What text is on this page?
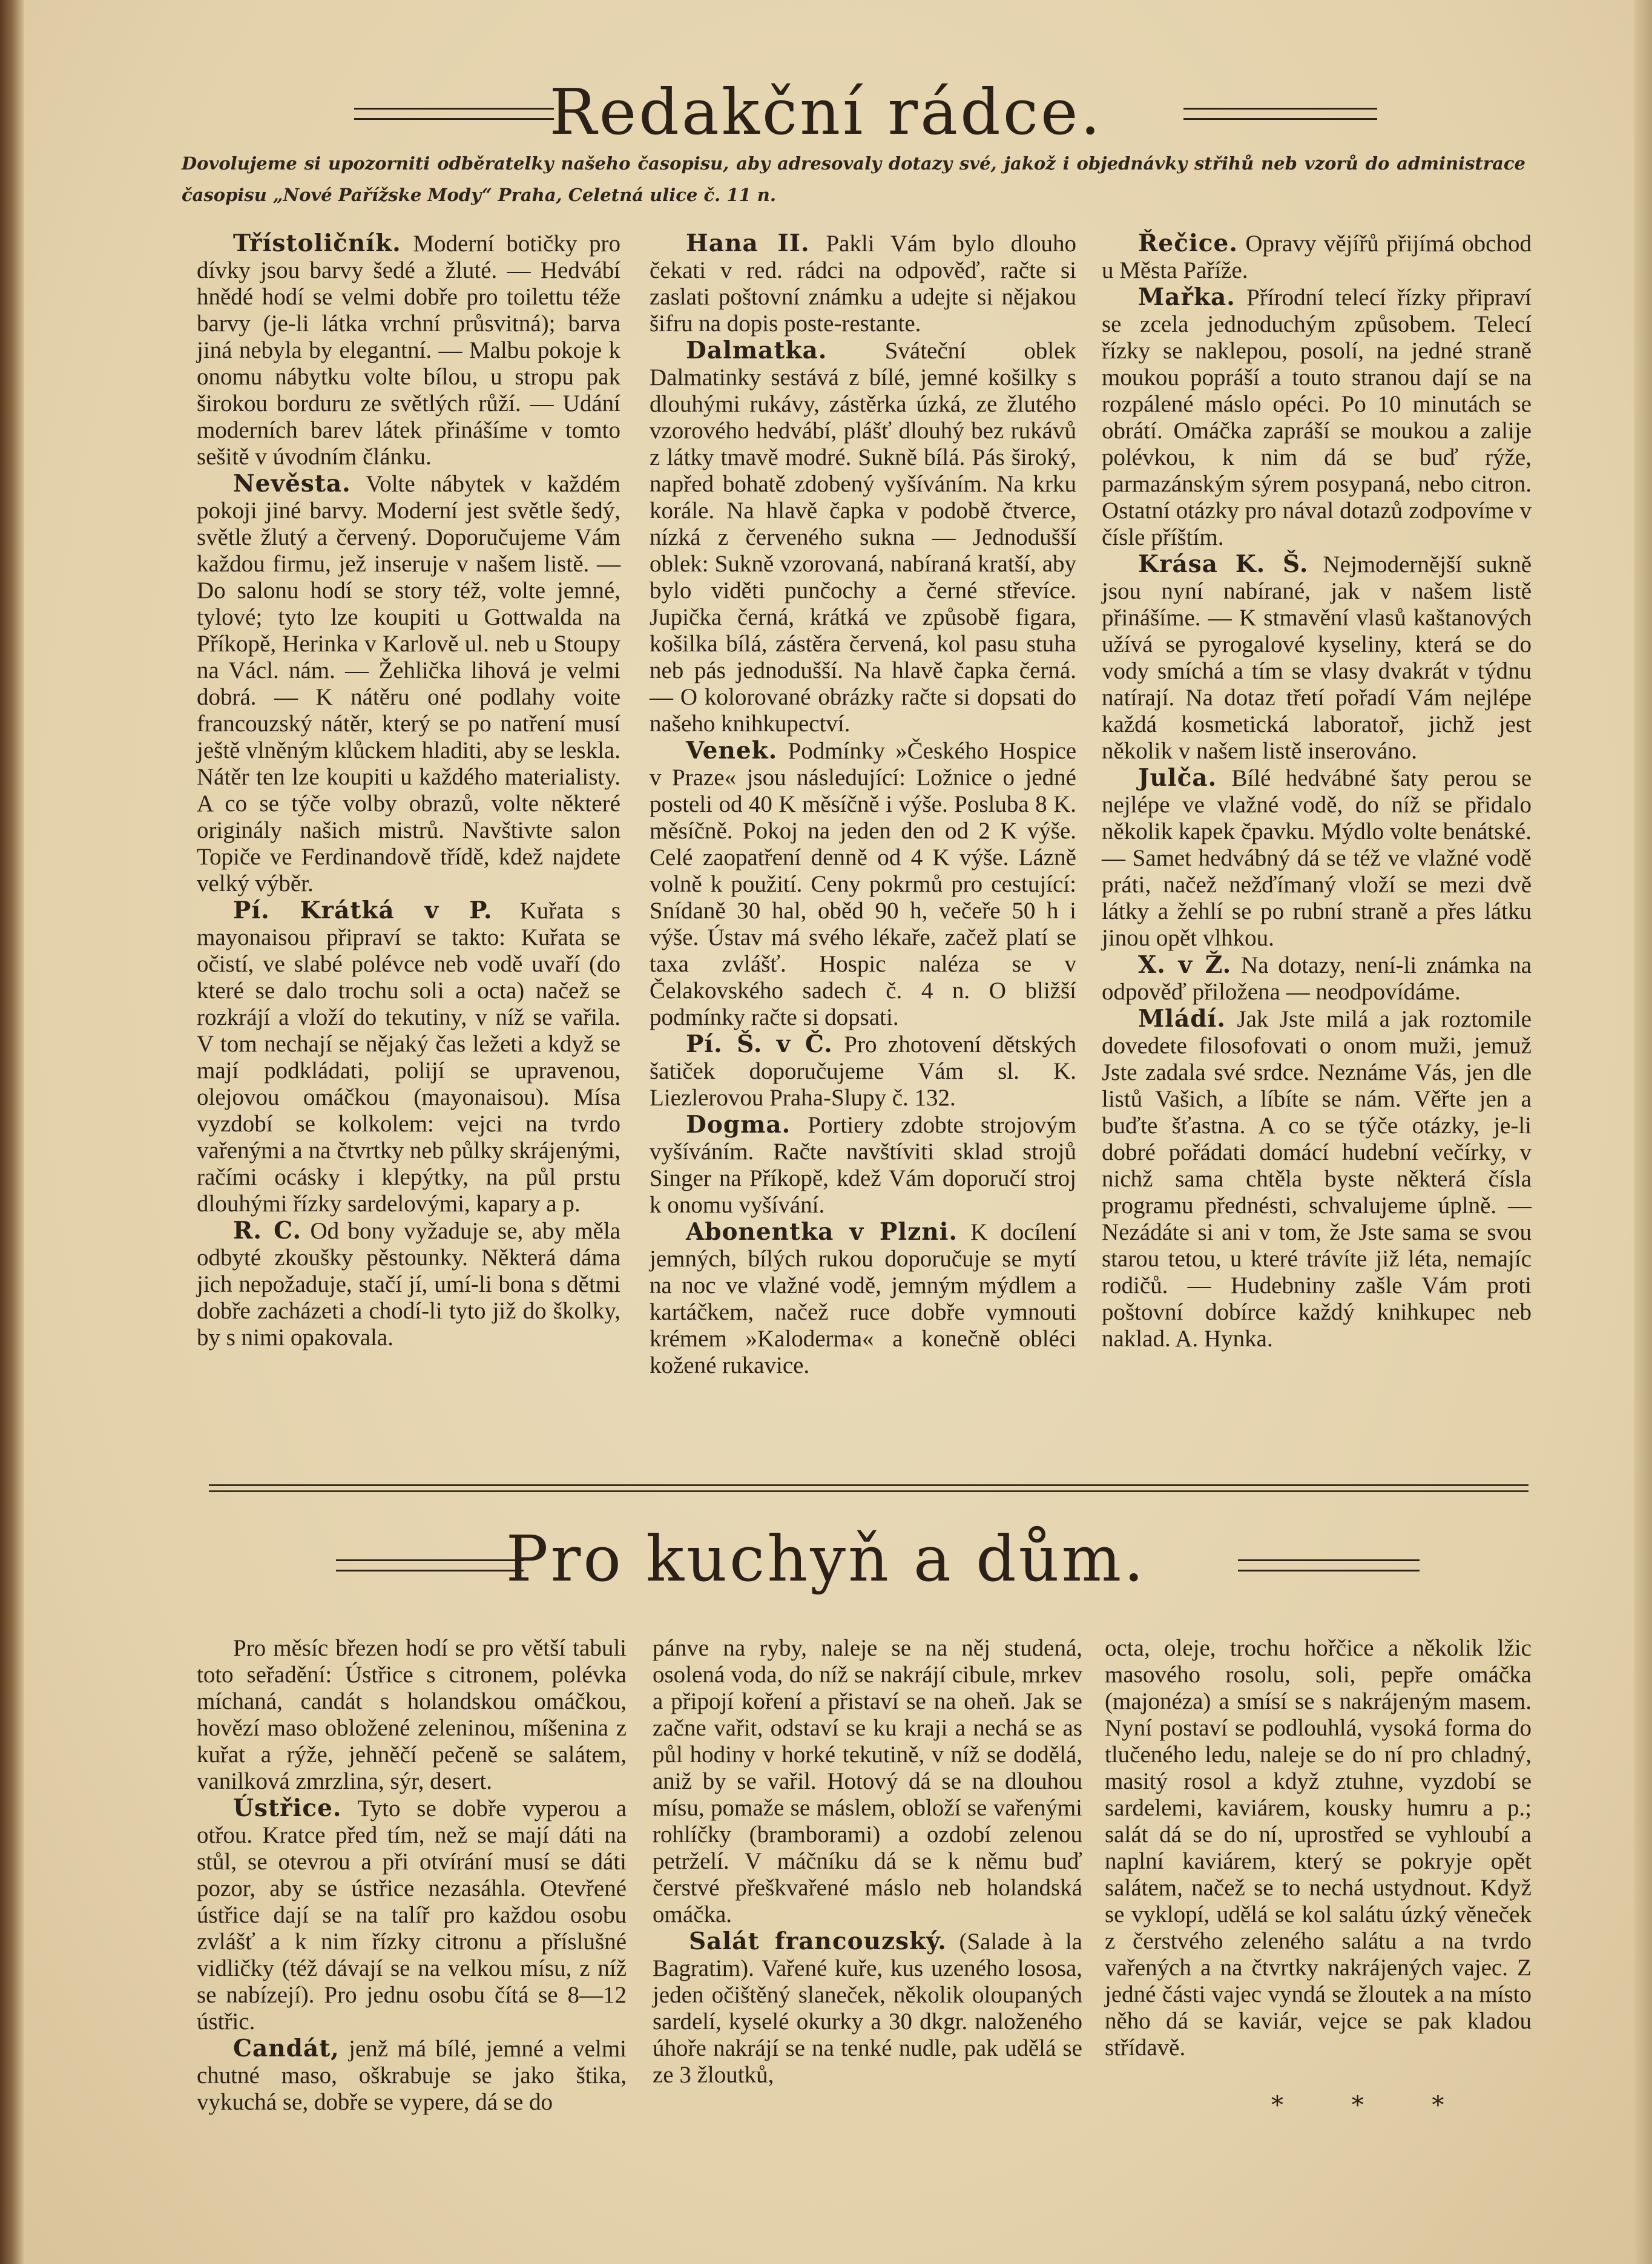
Redakční rádce.
Dovolujeme si upozorniti odběratelky našeho časopisu, aby adresovaly dotazy své, jakož i objednávky střihů neb vzorů do administrace časopisu „Nové Pařížske Mody“ Praha, Celetná ulice č. 11 n.

Třístoličník. Moderní botičky pro dívky jsou barvy šedé a žluté. — Hedvábí hnědé hodí se velmi dobře pro toilettu téže barvy (je-li látka vrchní průsvitná); barva jiná nebyla by elegantní. — Malbu pokoje k onomu nábytku volte bílou, u stropu pak širokou borduru ze světlých růží. — Udání moderních barev látek přinášíme v tomto sešitě v úvodním článku.

Nevěsta. Volte nábytek v každém pokoji jiné barvy. Moderní jest světle šedý, světle žlutý a červený. Doporučujeme Vám každou firmu, jež inseruje v našem listě. — Do salonu hodí se story též, volte jemné, tylové; tyto lze koupiti u Gottwalda na Příkopě, Herinka v Karlově ul. neb u Stoupy na Václ. nám. — Žehlička lihová je velmi dobrá. — K nátěru oné podlahy voite francouzský nátěr, který se po natření musí ještě vlněným klůckem hladiti, aby se leskla. Nátěr ten lze koupiti u každého materialisty. A co se týče volby obrazů, volte některé originály našich mistrů. Navštivte salon Topiče ve Ferdinandově třídě, kdež najdete velký výběr.

Pí. Krátká v P. Kuřata s mayonaisou připraví se takto: Kuřata se očistí, ve slabé polévce neb vodě uvaří (do které se dalo trochu soli a octa) načež se rozkrájí a vloží do tekutiny, v níž se vařila. V tom nechají se nějaký čas ležeti a když se mají podkládati, polijí se upravenou, olejovou omáčkou (mayonaisou). Mísa vyzdobí se kolkolem: vejci na tvrdo vařenými a na čtvrtky neb půlky skrájenými, račími ocásky i klepýtky, na půl prstu dlouhými řízky sardelovými, kapary a p.

R. C. Od bony vyžaduje se, aby měla odbyté zkoušky pěstounky. Některá dáma jich nepožaduje, stačí jí, umí-li bona s dětmi dobře zacházeti a chodí-li tyto již do školky, by s nimi opakovala.

Hana II. Pakli Vám bylo dlouho čekati v red. rádci na odpověď, račte si zaslati poštovní známku a udejte si nějakou šifru na dopis poste-restante.

Dalmatka. Sváteční oblek Dalmatinky sestává z bílé, jemné košilky s dlouhými rukávy, zástěrka úzká, ze žlutého vzorového hedvábí, plášť dlouhý bez rukávů z látky tmavě modré. Sukně bílá. Pás široký, napřed bohatě zdobený vyšíváním. Na krku korále. Na hlavě čapka v podobě čtverce, nízká z červeného sukna — Jednodušší oblek: Sukně vzorovaná, nabíraná kratší, aby bylo viděti punčochy a černé střevíce. Jupička černá, krátká ve způsobě figara, košilka bílá, zástěra červená, kol pasu stuha neb pás jednodušší. Na hlavě čapka černá. — O kolorované obrázky račte si dopsati do našeho knihkupectví.

Venek. Podmínky »Českého Hospice v Praze« jsou následující: Ložnice o jedné posteli od 40 K měsíčně i výše. Posluba 8 K. měsíčně. Pokoj na jeden den od 2 K výše. Celé zaopatření denně od 4 K výše. Lázně volně k použití. Ceny pokrmů pro cestující: Snídaně 30 hal, oběd 90 h, večeře 50 h i výše. Ústav má svého lékaře, začež platí se taxa zvlášť. Hospic naléza se v Čelakovského sadech č. 4 n. O bližší podmínky račte si dopsati.

Pí. Š. v Č. Pro zhotovení dětských šatiček doporučujeme Vám sl. K. Liezlerovou Praha-Slupy č. 132.

Dogma. Portiery zdobte strojovým vyšíváním. Račte navštíviti sklad strojů Singer na Příkopě, kdež Vám doporučí stroj k onomu vyšívání.

Abonentka v Plzni. K docílení jemných, bílých rukou doporučuje se mytí na noc ve vlažné vodě, jemným mýdlem a kartáčkem, načež ruce dobře vymnouti krémem »Kaloderma« a konečně obléci kožené rukavice.

Řečice. Opravy vějířů přijímá obchod u Města Paříže.

Mařka. Přírodní telecí řízky připraví se zcela jednoduchým způsobem. Telecí řízky se naklepou, posolí, na jedné straně moukou popráší a touto stranou dají se na rozpálené máslo opéci. Po 10 minutách se obrátí. Omáčka zapráší se moukou a zalije polévkou, k nim dá se buď rýže, parmazánským sýrem posypaná, nebo citron. Ostatní otázky pro nával dotazů zodpovíme v čísle příštím.

Krása K. Š. Nejmodernější sukně jsou nyní nabírané, jak v našem listě přinášíme. — K stmavění vlasů kaštanových užívá se pyrogalové kyseliny, která se do vody smíchá a tím se vlasy dvakrát v týdnu natírají. Na dotaz třetí pořadí Vám nejlépe každá kosmetická laboratoř, jichž jest několik v našem listě inserováno.

Julča. Bílé hedvábné šaty perou se nejlépe ve vlažné vodě, do níž se přidalo několik kapek čpavku. Mýdlo volte benátské. — Samet hedvábný dá se též ve vlažné vodě práti, načež nežďímaný vloží se mezi dvě látky a žehlí se po rubní straně a přes látku jinou opět vlhkou.

X. v Ž. Na dotazy, není-li známka na odpověď přiložena — neodpovídáme.

Mládí. Jak Jste milá a jak roztomile dovedete filosofovati o onom muži, jemuž Jste zadala své srdce. Neznáme Vás, jen dle listů Vašich, a líbíte se nám. Věřte jen a buďte šťastna. A co se týče otázky, je-li dobré pořádati domácí hudební večírky, v nichž sama chtěla byste některá čísla programu přednésti, schvalujeme úplně. — Nezádáte si ani v tom, že Jste sama se svou starou tetou, u které trávíte již léta, nemajíc rodičů. — Hudebniny zašle Vám proti poštovní dobírce každý knihkupec neb naklad. A. Hynka.

Pro kuchyň a dům.

Pro měsíc březen hodí se pro větší tabuli toto seřadění: Ústřice s citronem, polévka míchaná, candát s holandskou omáčkou, hovězí maso obložené zeleninou, míšenina z kuřat a rýže, jehněčí pečeně se salátem, vanilková zmrzlina, sýr, desert.

Ústřice. Tyto se dobře vyperou a otřou. Kratce před tím, než se mají dáti na stůl, se otevrou a při otvírání musí se dáti pozor, aby se ústřice nezasáhla. Otevřené ústřice dají se na talíř pro každou osobu zvlášť a k nim řízky citronu a příslušné vidličky (též dávají se na velkou mísu, z níž se nabízejí). Pro jednu osobu čítá se 8—12 ústřic.

Candát, jenž má bílé, jemné a velmi chutné maso, oškrabuje se jako štika, vykuchá se, dobře se vypere, dá se do

pánve na ryby, naleje se na něj studená, osolená voda, do níž se nakrájí cibule, mrkev a připojí koření a přistaví se na oheň. Jak se začne vařit, odstaví se ku kraji a nechá se as půl hodiny v horké tekutině, v níž se dodělá, aniž by se vařil. Hotový dá se na dlouhou mísu, pomaže se máslem, obloží se vařenými rohlíčky (bramborami) a ozdobí zelenou petrželí. V máčníku dá se k němu buď čerstvé přeškvařené máslo neb holandská omáčka.

Salát francouzský. (Salade à la Bagratim). Vařené kuře, kus uzeného lososa, jeden očištěný slaneček, několik oloupaných sardelí, kyselé okurky a 30 dkgr. naloženého úhoře nakrájí se na tenké nudle, pak udělá se ze 3 žloutků,

octa, oleje, trochu hořčice a několik lžic masového rosolu, soli, pepře omáčka (majonéza) a smísí se s nakrájeným masem. Nyní postaví se podlouhlá, vysoká forma do tlučeného ledu, naleje se do ní pro chladný, masitý rosol a když ztuhne, vyzdobí se sardelemi, kaviárem, kousky humru a p.; salát dá se do ní, uprostřed se vyhloubí a naplní kaviárem, který se pokryje opět salátem, načež se to nechá ustydnout. Když se vyklopí, udělá se kol salátu úzký věneček z čerstvého zeleného salátu a na tvrdo vařených a na čtvrtky nakrájených vajec. Z jedné části vajec vyndá se žloutek a na místo něho dá se kaviár, vejce se pak kladou střídavě.

* * *
